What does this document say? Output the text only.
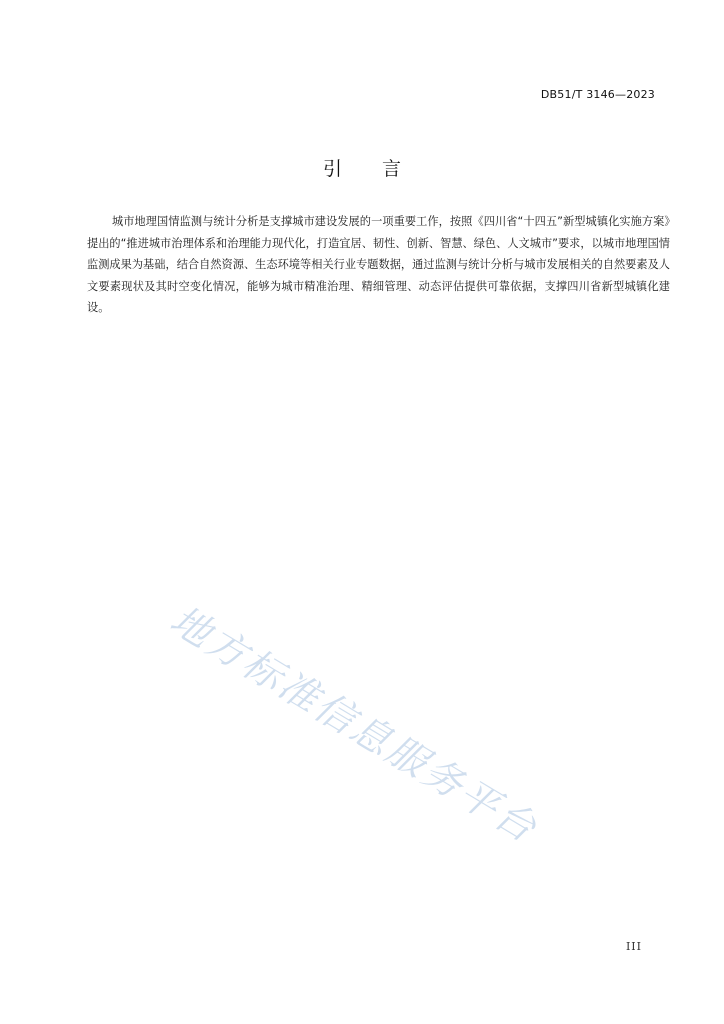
DB51/T 3146—2023
引言

城市地理国情监测与统计分析是支撑城市建设发展的一项重要工作，按照《四川省“十四五”新型城镇化实施方案》提出的“推进城市治理体系和治理能力现代化，打造宜居、韧性、创新、智慧、绿色、人文城市”要求，以城市地理国情监测成果为基础，结合自然资源、生态环境等相关行业专题数据，通过监测与统计分析与城市发展相关的自然要素及人文要素现状及其时空变化情况，能够为城市精准治理、精细管理、动态评估提供可靠依据，支撑四川省新型城镇化建设。

地方标准信息服务平台
III
